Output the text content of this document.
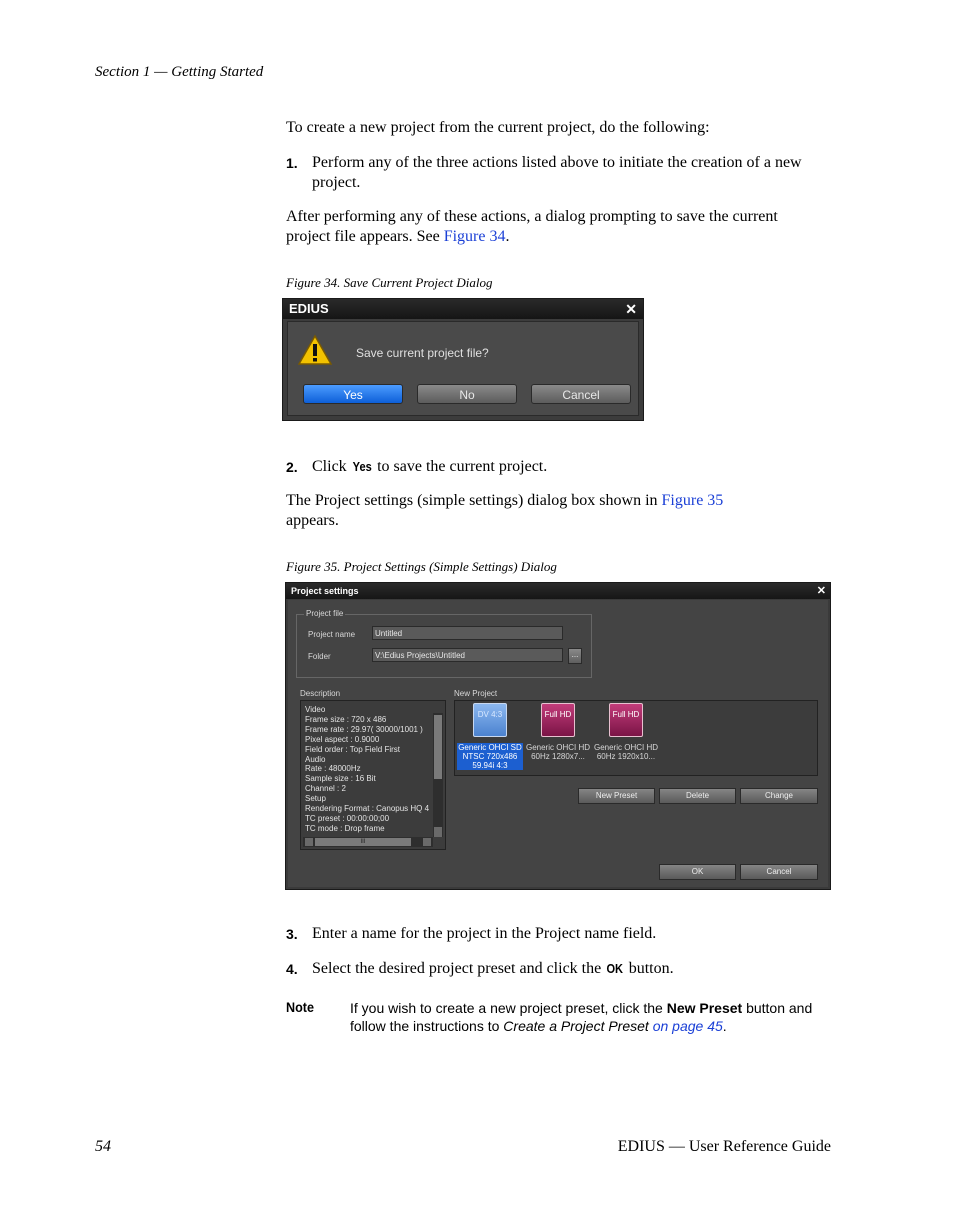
Section 1 — Getting Started
To create a new project from the current project, do the following:
1. Perform any of the three actions listed above to initiate the creation of a new project.
After performing any of these actions, a dialog prompting to save the current project file appears. See Figure 34.
Figure 34. Save Current Project Dialog
EDIUS	✕
Save current project file?
Yes	No	Cancel
2. Click Yes to save the current project.
The Project settings (simple settings) dialog box shown in Figure 35
appears.
Figure 35. Project Settings (Simple Settings) Dialog
Project settings	✕
Project file
Project name	Untitled
Folder	V:\Edius Projects\Untitled	...
Description
Video
Frame size : 720 x 486
Frame rate : 29.97( 30000/1001 )
Pixel aspect : 0.9000
Field order : Top Field First
Audio
Rate : 48000Hz
Sample size : 16 Bit
Channel : 2
Setup
Rendering Format : Canopus HQ 4
TC preset : 00:00:00;00
TC mode : Drop frame
III
New Project
DV 4:3
Generic OHCI SD
NTSC 720x486
59.94i 4:3
Full HD
Generic OHCI HD
60Hz 1280x7...
Full HD
Generic OHCI HD
60Hz 1920x10...
New Preset	Delete	Change
OK	Cancel
3. Enter a name for the project in the Project name field.
4. Select the desired project preset and click the OK button.
Note	If you wish to create a new project preset, click the New Preset button and follow the instructions to Create a Project Preset on page 45.
54	EDIUS — User Reference Guide
